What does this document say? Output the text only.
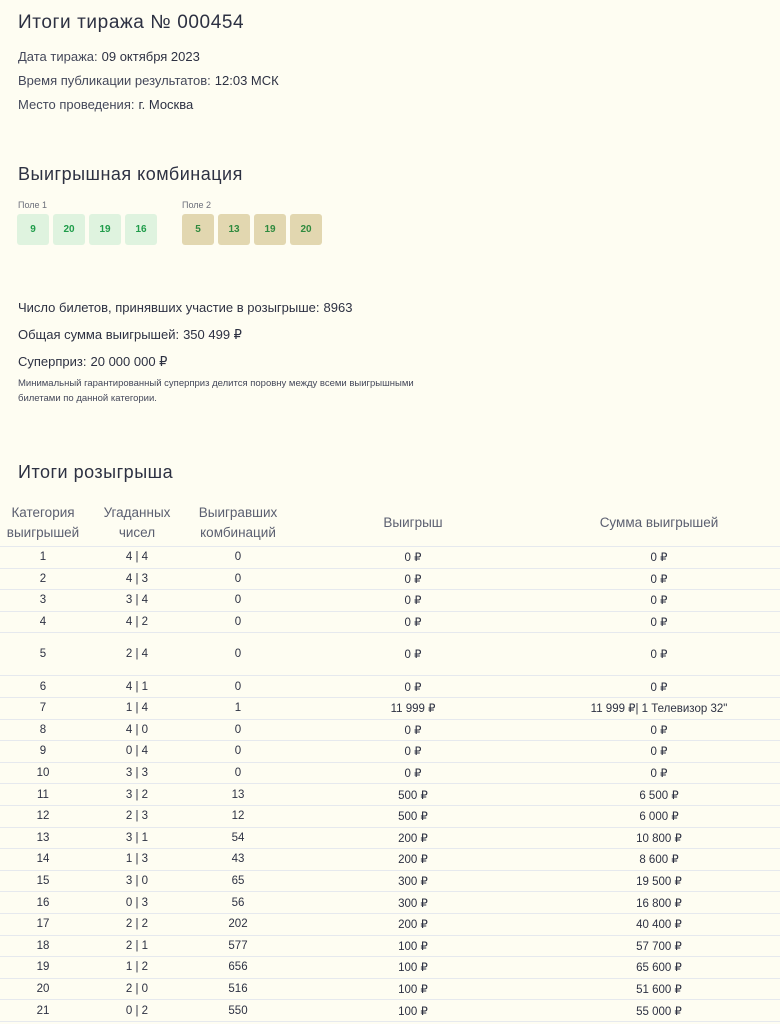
Итоги тиража № 000454
Дата тиража: 09 октября 2023
Время публикации результатов: 12:03 МСК
Место проведения: г. Москва
Выигрышная комбинация
Поле 1
9	20	19	16
Поле 2
5	13	19	20
Число билетов, принявших участие в розыгрыше: 8963
Общая сумма выигрышей: 350 499 ₽
Суперприз: 20 000 000 ₽
Минимальный гарантированный суперприз делится поровну между всеми выигрышными билетами по данной категории.
Итоги розыгрыша
Категория выигрышей	Угаданных чисел	Выигравших комбинаций	Выигрыш	Сумма выигрышей
1	4 | 4	0	0 ₽	0 ₽
2	4 | 3	0	0 ₽	0 ₽
3	3 | 4	0	0 ₽	0 ₽
4	4 | 2	0	0 ₽	0 ₽
5	2 | 4	0	0 ₽	0 ₽
6	4 | 1	0	0 ₽	0 ₽
7	1 | 4	1	11 999 ₽	11 999 ₽| 1 Телевизор 32"
8	4 | 0	0	0 ₽	0 ₽
9	0 | 4	0	0 ₽	0 ₽
10	3 | 3	0	0 ₽	0 ₽
11	3 | 2	13	500 ₽	6 500 ₽
12	2 | 3	12	500 ₽	6 000 ₽
13	3 | 1	54	200 ₽	10 800 ₽
14	1 | 3	43	200 ₽	8 600 ₽
15	3 | 0	65	300 ₽	19 500 ₽
16	0 | 3	56	300 ₽	16 800 ₽
17	2 | 2	202	200 ₽	40 400 ₽
18	2 | 1	577	100 ₽	57 700 ₽
19	1 | 2	656	100 ₽	65 600 ₽
20	2 | 0	516	100 ₽	51 600 ₽
21	0 | 2	550	100 ₽	55 000 ₽
